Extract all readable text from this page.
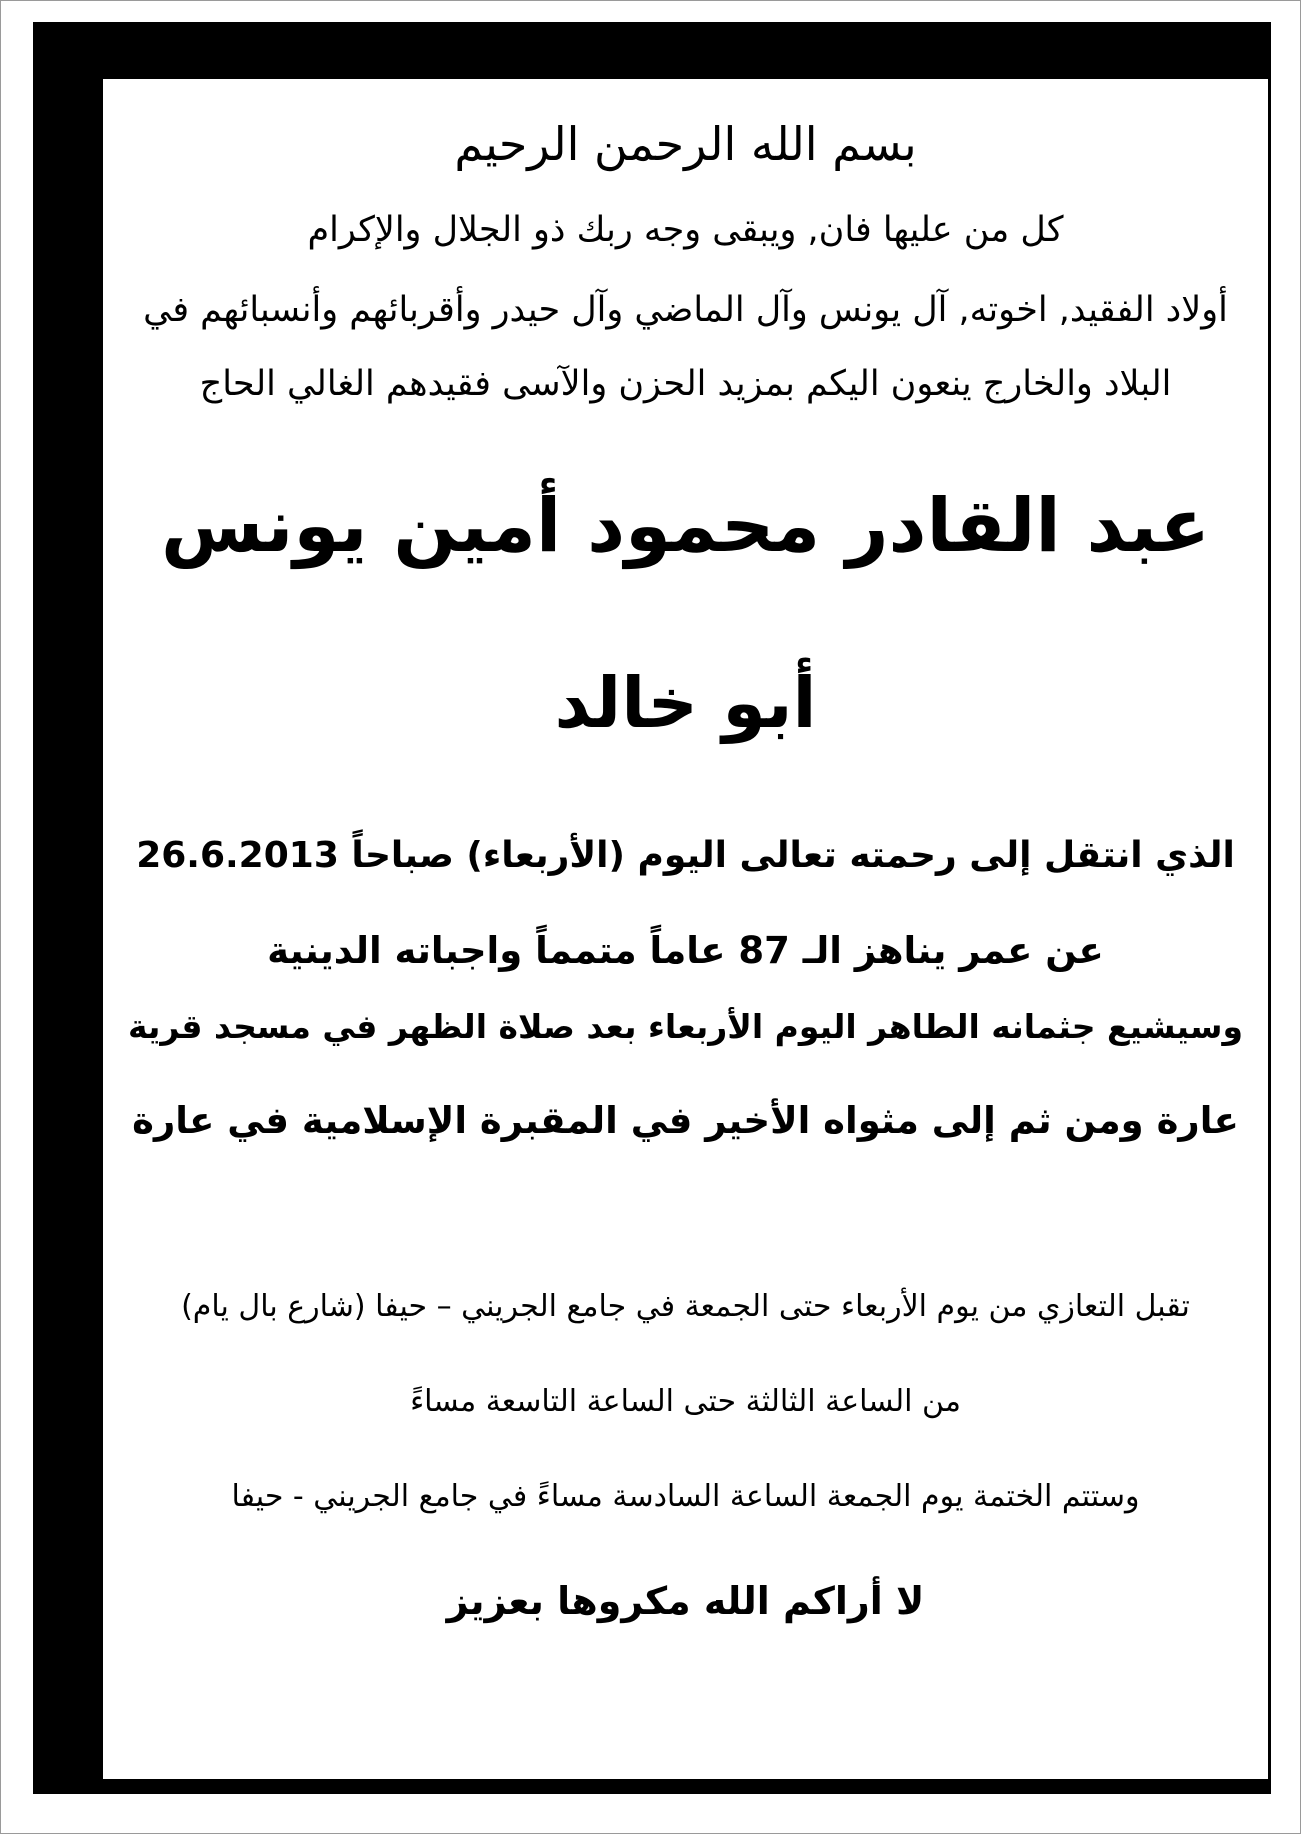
بسم الله الرحمن الرحيم
كل من عليها فان, ويبقى وجه ربك ذو الجلال والإكرام
أولاد الفقيد, اخوته, آل يونس وآل الماضي وآل حيدر وأقربائهم وأنسبائهم في
البلاد والخارج ينعون اليكم بمزيد الحزن والآسى فقيدهم الغالي الحاج
عبد القادر محمود أمين يونس
أبو خالد
الذي انتقل إلى رحمته تعالى اليوم (الأربعاء) صباحاً 26.6.2013
عن عمر يناهز الـ 87 عاماً متمماً واجباته الدينية
وسيشيع جثمانه الطاهر اليوم الأربعاء بعد صلاة الظهر في مسجد قرية
عارة ومن ثم إلى مثواه الأخير في المقبرة الإسلامية في عارة
تقبل التعازي من يوم الأربعاء حتى الجمعة في جامع الجريني – حيفا (شارع بال يام)
من الساعة الثالثة حتى الساعة التاسعة مساءً
وستتم الختمة يوم الجمعة الساعة السادسة مساءً في جامع الجريني - حيفا
لا أراكم الله مكروها بعزيز
